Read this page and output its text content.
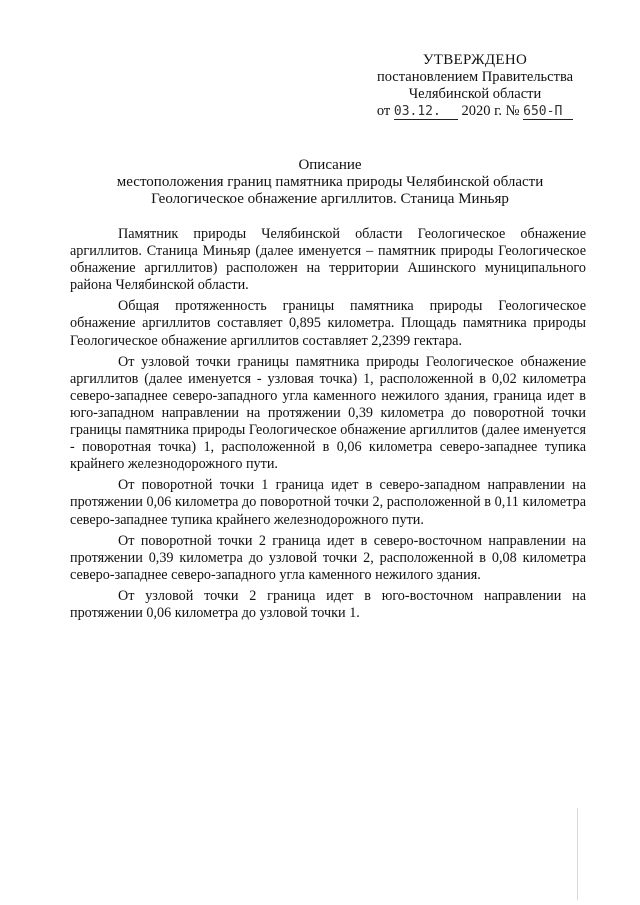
УТВЕРЖДЕНО
постановлением Правительства
Челябинской области
от 03.12. 2020 г. № 650-П
Описание
местоположения границ памятника природы Челябинской области
Геологическое обнажение аргиллитов. Станица Миньяр

Памятник природы Челябинской области Геологическое обнажение аргиллитов. Станица Миньяр (далее именуется – памятник природы Геологическое обнажение аргиллитов) расположен на территории Ашинского муниципального района Челябинской области.

Общая протяженность границы памятника природы Геологическое обнажение аргиллитов составляет 0,895 километра. Площадь памятника природы Геологическое обнажение аргиллитов составляет 2,2399 гектара.

От узловой точки границы памятника природы Геологическое обнажение аргиллитов (далее именуется - узловая точка) 1, расположенной в 0,02 километра северо-западнее северо-западного угла каменного нежилого здания, граница идет в юго-западном направлении на протяжении 0,39 километра до поворотной точки границы памятника природы Геологическое обнажение аргиллитов (далее именуется - поворотная точка) 1, расположенной в 0,06 километра северо-западнее тупика крайнего железнодорожного пути.

От поворотной точки 1 граница идет в северо-западном направлении на протяжении 0,06 километра до поворотной точки 2, расположенной в 0,11 километра северо-западнее тупика крайнего железнодорожного пути.

От поворотной точки 2 граница идет в северо-восточном направлении на протяжении 0,39 километра до узловой точки 2, расположенной в 0,08 километра северо-западнее северо-западного угла каменного нежилого здания.

От узловой точки 2 граница идет в юго-восточном направлении на протяжении 0,06 километра до узловой точки 1.
